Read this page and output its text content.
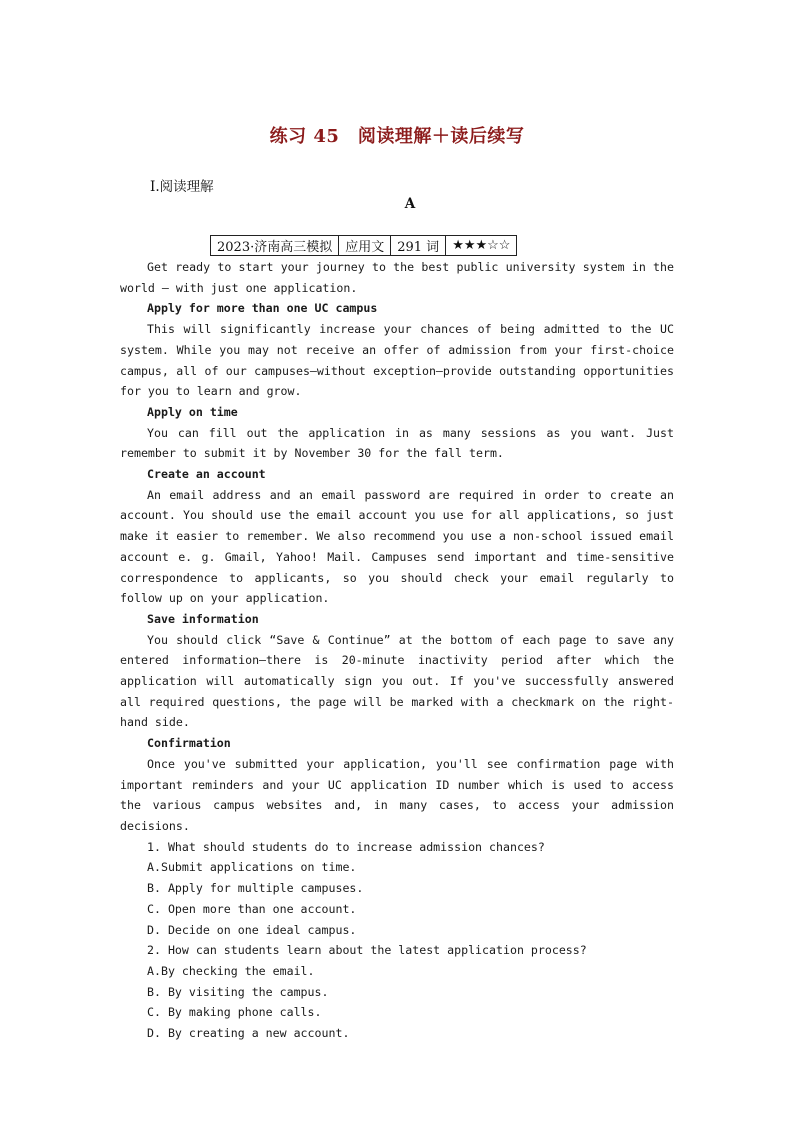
练习 45　阅读理解＋读后续写
Ⅰ.阅读理解
A
2023·济南高三模拟	应用文	291 词	★★★☆☆

Get ready to start your journey to the best public university system in the world — with just one application.

Apply for more than one UC campus

This will significantly increase your chances of being admitted to the UC system. While you may not receive an offer of admission from your first-choice campus, all of our campuses—without exception—provide outstanding opportunities for you to learn and grow.

Apply on time

You can fill out the application in as many sessions as you want. Just remember to submit it by November 30 for the fall term.

Create an account

An email address and an email password are required in order to create an account. You should use the email account you use for all applications, so just make it easier to remember. We also recommend you use a non-school issued email account e. g. Gmail, Yahoo! Mail. Campuses send important and time-sensitive correspondence to applicants, so you should check your email regularly to follow up on your application.

Save information

You should click “Save & Continue” at the bottom of each page to save any entered information—there is 20-minute inactivity period after which the application will automatically sign you out. If you've successfully answered all required questions, the page will be marked with a checkmark on the right-hand side.

Confirmation

Once you've submitted your application, you'll see confirmation page with important reminders and your UC application ID number which is used to access the various campus websites and, in many cases, to access your admission decisions.

1. What should students do to increase admission chances?

A.Submit applications on time.

B. Apply for multiple campuses.

C. Open more than one account.

D. Decide on one ideal campus.

2. How can students learn about the latest application process?

A.By checking the email.

B. By visiting the campus.

C. By making phone calls.

D. By creating a new account.
